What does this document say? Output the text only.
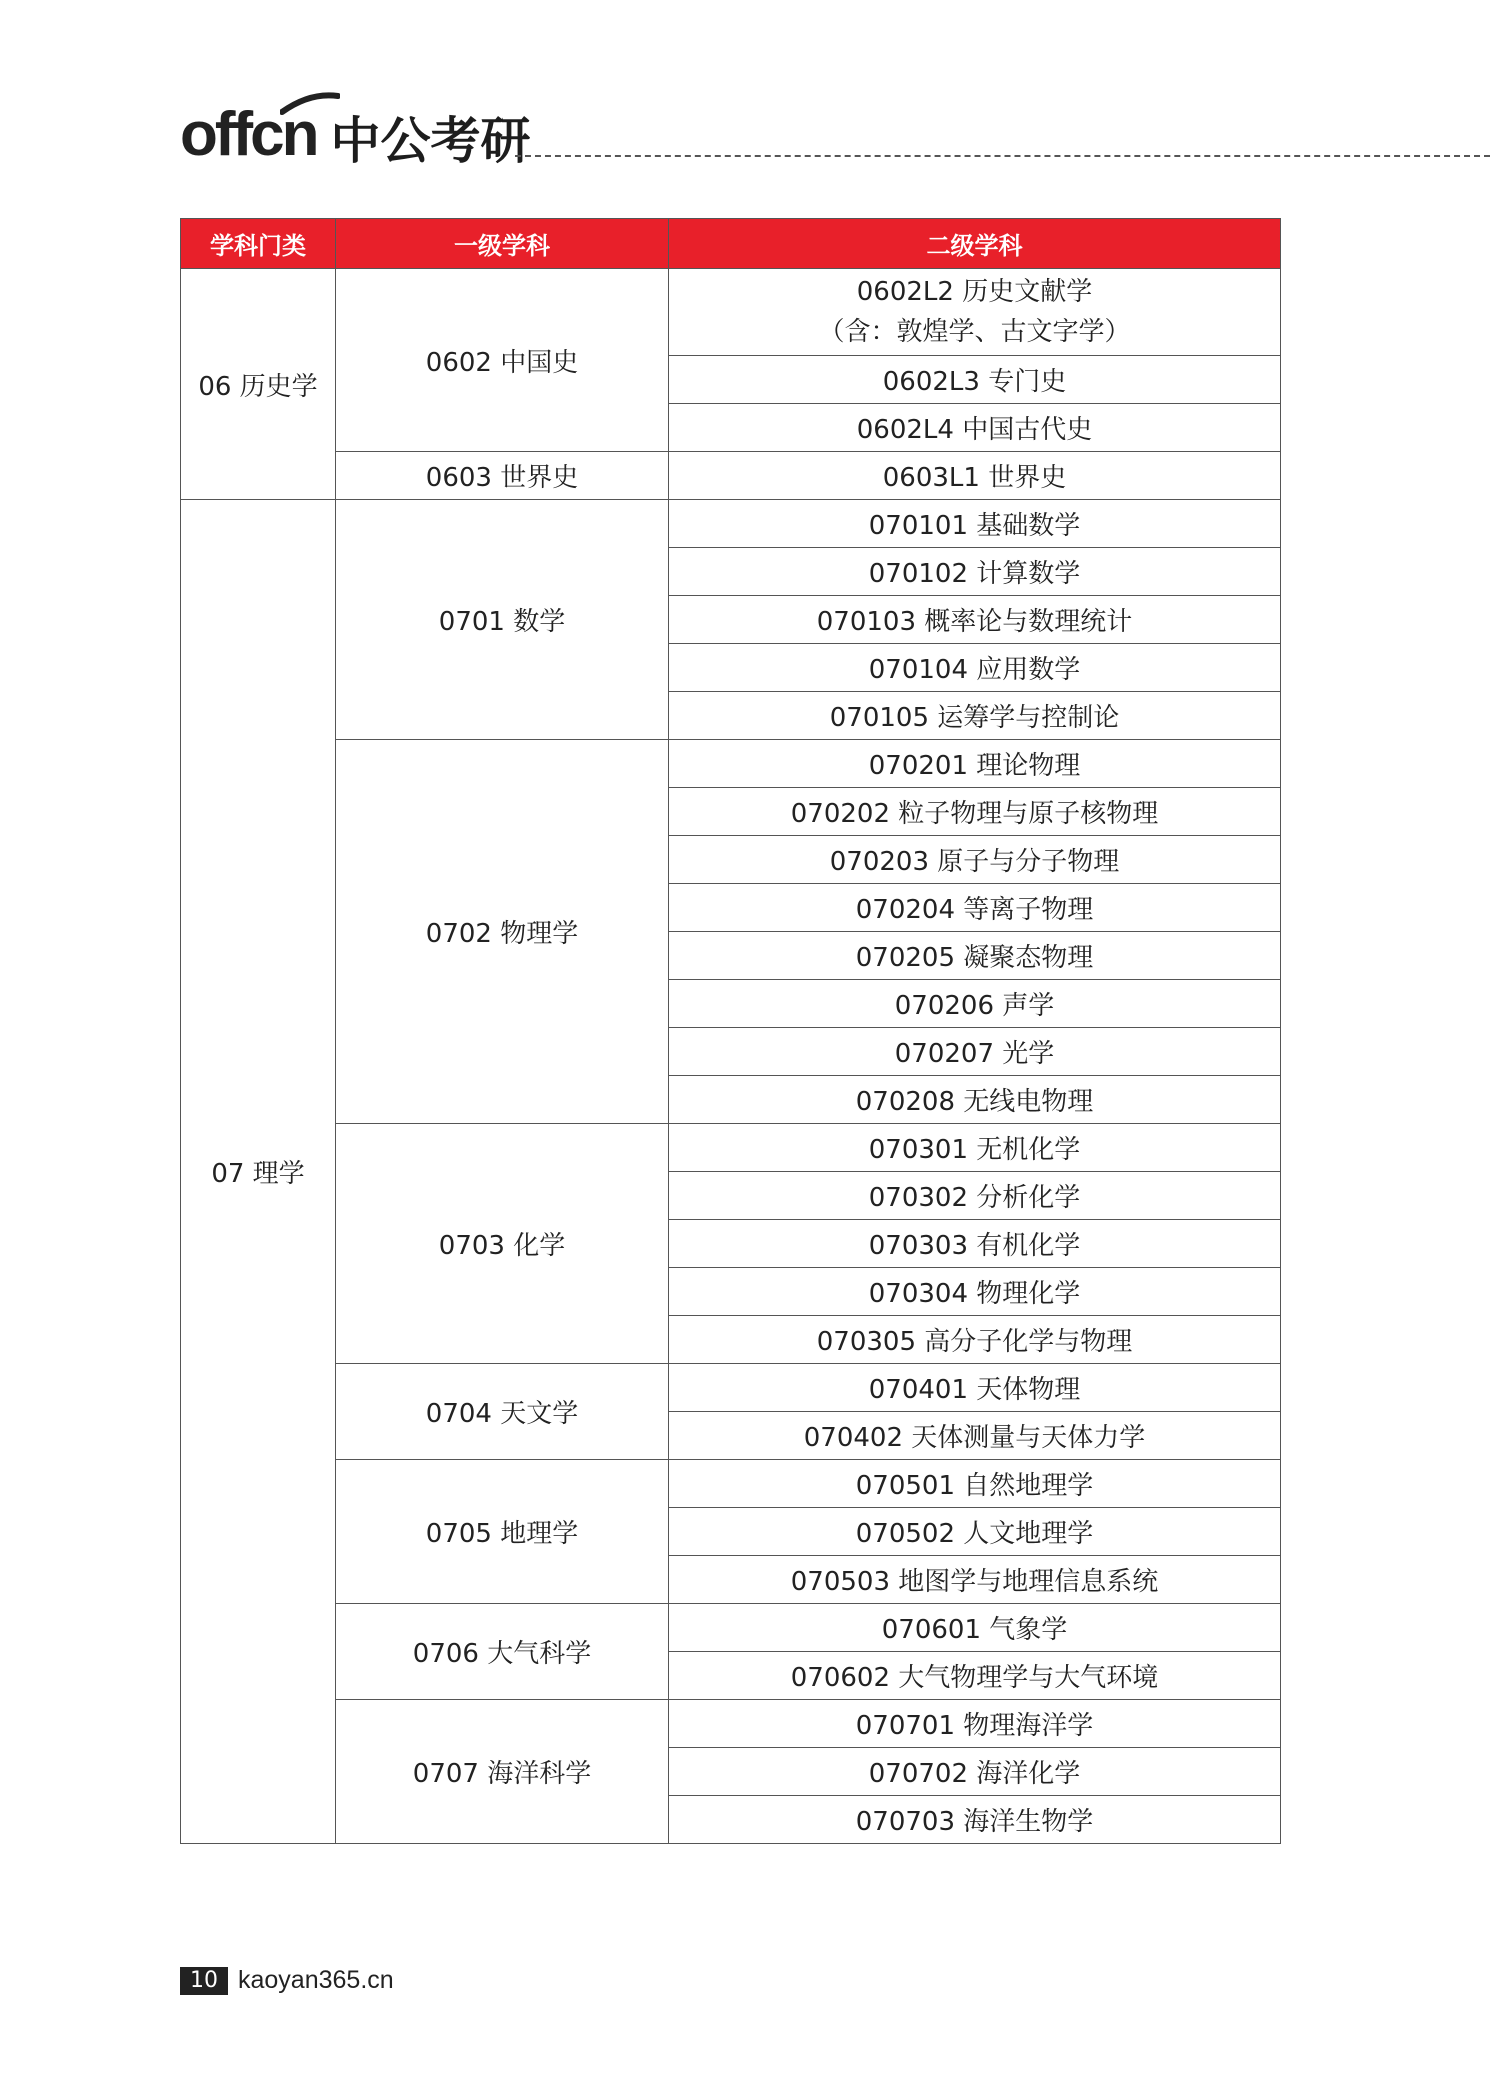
offcn 中公考研
学科门类	一级学科	二级学科
06 历史学	0602 中国史	0602L2 历史文献学
（含：敦煌学、古文字学）

		0602L3 专门史

		0602L4 中国古代史

	0603 世界史	0603L1 世界史

07 理学	0701 数学	070101 基础数学

		070102 计算数学

		070103 概率论与数理统计

		070104 应用数学

		070105 运筹学与控制论

	0702 物理学	070201 理论物理

		070202 粒子物理与原子核物理

		070203 原子与分子物理

		070204 等离子物理

		070205 凝聚态物理

		070206 声学

		070207 光学

		070208 无线电物理

	0703 化学	070301 无机化学

		070302 分析化学

		070303 有机化学

		070304 物理化学

		070305 高分子化学与物理

	0704 天文学	070401 天体物理

		070402 天体测量与天体力学

	0705 地理学	070501 自然地理学

		070502 人文地理学

		070503 地图学与地理信息系统

	0706 大气科学	070601 气象学

		070602 大气物理学与大气环境

	0707 海洋科学	070701 物理海洋学

		070702 海洋化学

		070703 海洋生物学
10 kaoyan365.cn
